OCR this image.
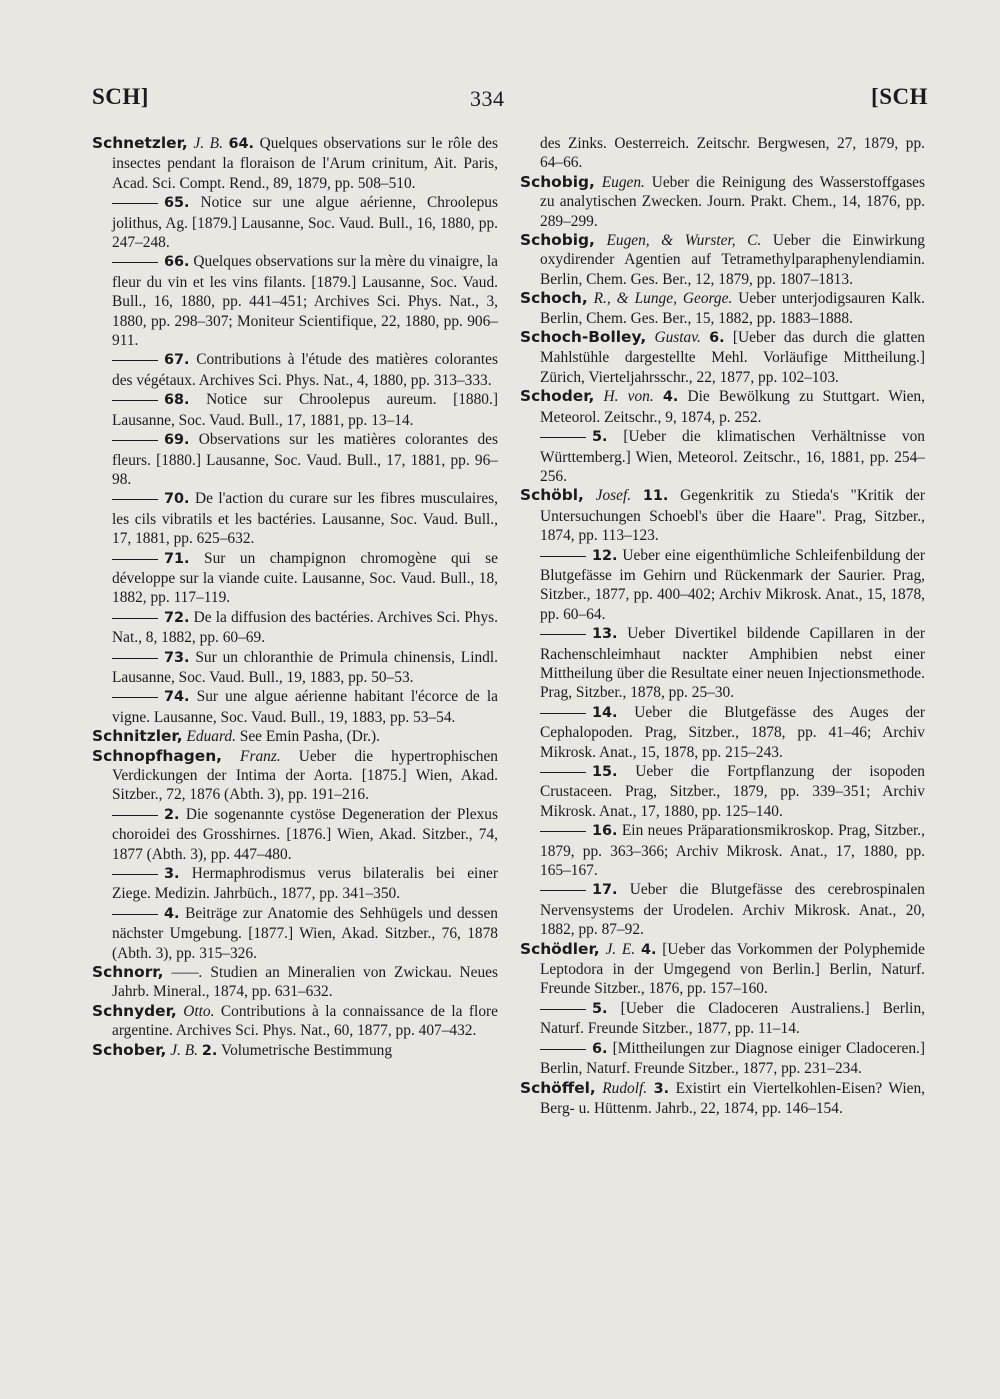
SCH]	334	[SCH
Schnetzler, J. B. 64. Quelques observations sur le rôle des insectes pendant la floraison de l'Arum crinitum, Ait. Paris, Acad. Sci. Compt. Rend., 89, 1879, pp. 508–510.
65. Notice sur une algue aérienne, Chroolepus jolithus, Ag. [1879.] Lausanne, Soc. Vaud. Bull., 16, 1880, pp. 247–248.
66. Quelques observations sur la mère du vinaigre, la fleur du vin et les vins filants. [1879.] Lausanne, Soc. Vaud. Bull., 16, 1880, pp. 441–451; Archives Sci. Phys. Nat., 3, 1880, pp. 298–307; Moniteur Scientifique, 22, 1880, pp. 906–911.
67. Contributions à l'étude des matières colorantes des végétaux. Archives Sci. Phys. Nat., 4, 1880, pp. 313–333.
68. Notice sur Chroolepus aureum. [1880.] Lausanne, Soc. Vaud. Bull., 17, 1881, pp. 13–14.
69. Observations sur les matières colorantes des fleurs. [1880.] Lausanne, Soc. Vaud. Bull., 17, 1881, pp. 96–98.
70. De l'action du curare sur les fibres musculaires, les cils vibratils et les bactéries. Lausanne, Soc. Vaud. Bull., 17, 1881, pp. 625–632.
71. Sur un champignon chromogène qui se développe sur la viande cuite. Lausanne, Soc. Vaud. Bull., 18, 1882, pp. 117–119.
72. De la diffusion des bactéries. Archives Sci. Phys. Nat., 8, 1882, pp. 60–69.
73. Sur un chloranthie de Primula chinensis, Lindl. Lausanne, Soc. Vaud. Bull., 19, 1883, pp. 50–53.
74. Sur une algue aérienne habitant l'écorce de la vigne. Lausanne, Soc. Vaud. Bull., 19, 1883, pp. 53–54.
Schnitzler, Eduard. See Emin Pasha, (Dr.).
Schnopfhagen, Franz. Ueber die hypertrophischen Verdickungen der Intima der Aorta. [1875.] Wien, Akad. Sitzber., 72, 1876 (Abth. 3), pp. 191–216.
2. Die sogenannte cystöse Degeneration der Plexus choroidei des Grosshirnes. [1876.] Wien, Akad. Sitzber., 74, 1877 (Abth. 3), pp. 447–480.
3. Hermaphrodismus verus bilateralis bei einer Ziege. Medizin. Jahrbüch., 1877, pp. 341–350.
4. Beiträge zur Anatomie des Sehhügels und dessen nächster Umgebung. [1877.] Wien, Akad. Sitzber., 76, 1878 (Abth. 3), pp. 315–326.
Schnorr, ——. Studien an Mineralien von Zwickau. Neues Jahrb. Mineral., 1874, pp. 631–632.
Schnyder, Otto. Contributions à la connaissance de la flore argentine. Archives Sci. Phys. Nat., 60, 1877, pp. 407–432.
Schober, J. B. 2. Volumetrische Bestimmung
des Zinks. Oesterreich. Zeitschr. Bergwesen, 27, 1879, pp. 64–66.
Schobig, Eugen. Ueber die Reinigung des Wasserstoffgases zu analytischen Zwecken. Journ. Prakt. Chem., 14, 1876, pp. 289–299.
Schobig, Eugen, & Wurster, C. Ueber die Einwirkung oxydirender Agentien auf Tetramethylparaphenylendiamin. Berlin, Chem. Ges. Ber., 12, 1879, pp. 1807–1813.
Schoch, R., & Lunge, George. Ueber unterjodigsauren Kalk. Berlin, Chem. Ges. Ber., 15, 1882, pp. 1883–1888.
Schoch-Bolley, Gustav. 6. [Ueber das durch die glatten Mahlstühle dargestellte Mehl. Vorläufige Mittheilung.] Zürich, Vierteljahrsschr., 22, 1877, pp. 102–103.
Schoder, H. von. 4. Die Bewölkung zu Stuttgart. Wien, Meteorol. Zeitschr., 9, 1874, p. 252.
5. [Ueber die klimatischen Verhältnisse von Württemberg.] Wien, Meteorol. Zeitschr., 16, 1881, pp. 254–256.
Schöbl, Josef. 11. Gegenkritik zu Stieda's "Kritik der Untersuchungen Schoebl's über die Haare". Prag, Sitzber., 1874, pp. 113–123.
12. Ueber eine eigenthümliche Schleifenbildung der Blutgefässe im Gehirn und Rückenmark der Saurier. Prag, Sitzber., 1877, pp. 400–402; Archiv Mikrosk. Anat., 15, 1878, pp. 60–64.
13. Ueber Divertikel bildende Capillaren in der Rachenschleimhaut nackter Amphibien nebst einer Mittheilung über die Resultate einer neuen Injectionsmethode. Prag, Sitzber., 1878, pp. 25–30.
14. Ueber die Blutgefässe des Auges der Cephalopoden. Prag, Sitzber., 1878, pp. 41–46; Archiv Mikrosk. Anat., 15, 1878, pp. 215–243.
15. Ueber die Fortpflanzung der isopoden Crustaceen. Prag, Sitzber., 1879, pp. 339–351; Archiv Mikrosk. Anat., 17, 1880, pp. 125–140.
16. Ein neues Präparationsmikroskop. Prag, Sitzber., 1879, pp. 363–366; Archiv Mikrosk. Anat., 17, 1880, pp. 165–167.
17. Ueber die Blutgefässe des cerebrospinalen Nervensystems der Urodelen. Archiv Mikrosk. Anat., 20, 1882, pp. 87–92.
Schödler, J. E. 4. [Ueber das Vorkommen der Polyphemide Leptodora in der Umgegend von Berlin.] Berlin, Naturf. Freunde Sitzber., 1876, pp. 157–160.
5. [Ueber die Cladoceren Australiens.] Berlin, Naturf. Freunde Sitzber., 1877, pp. 11–14.
6. [Mittheilungen zur Diagnose einiger Cladoceren.] Berlin, Naturf. Freunde Sitzber., 1877, pp. 231–234.
Schöffel, Rudolf. 3. Existirt ein Viertelkohlen-Eisen? Wien, Berg- u. Hüttenm. Jahrb., 22, 1874, pp. 146–154.
